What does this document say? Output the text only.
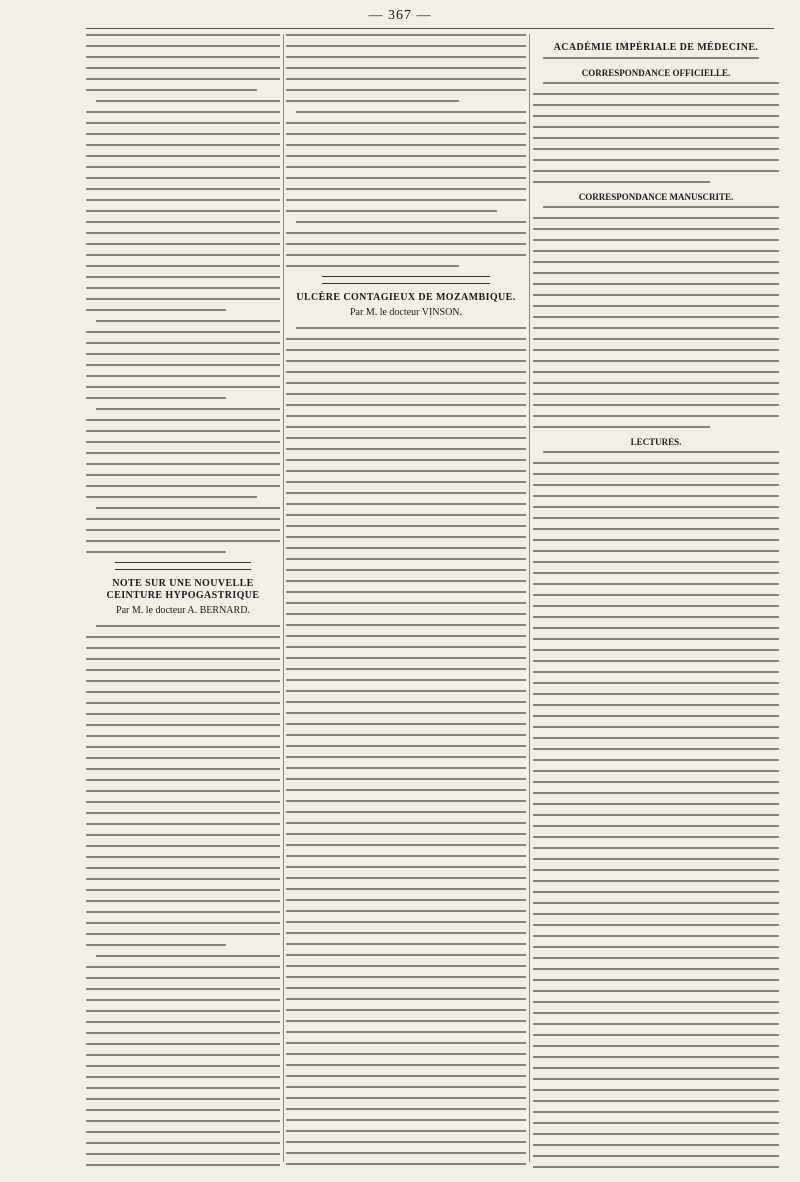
— 367 —
NOTE SUR UNE NOUVELLE CEINTURE HYPOGASTRIQUE
Par M. le docteur A. BERNARD.
ULCÈRE CONTAGIEUX DE MOZAMBIQUE.
Par M. le docteur VINSON.
ACADÉMIE IMPÉRIALE DE MÉDECINE.
CORRESPONDANCE OFFICIELLE.
CORRESPONDANCE MANUSCRITE.
LECTURES.
